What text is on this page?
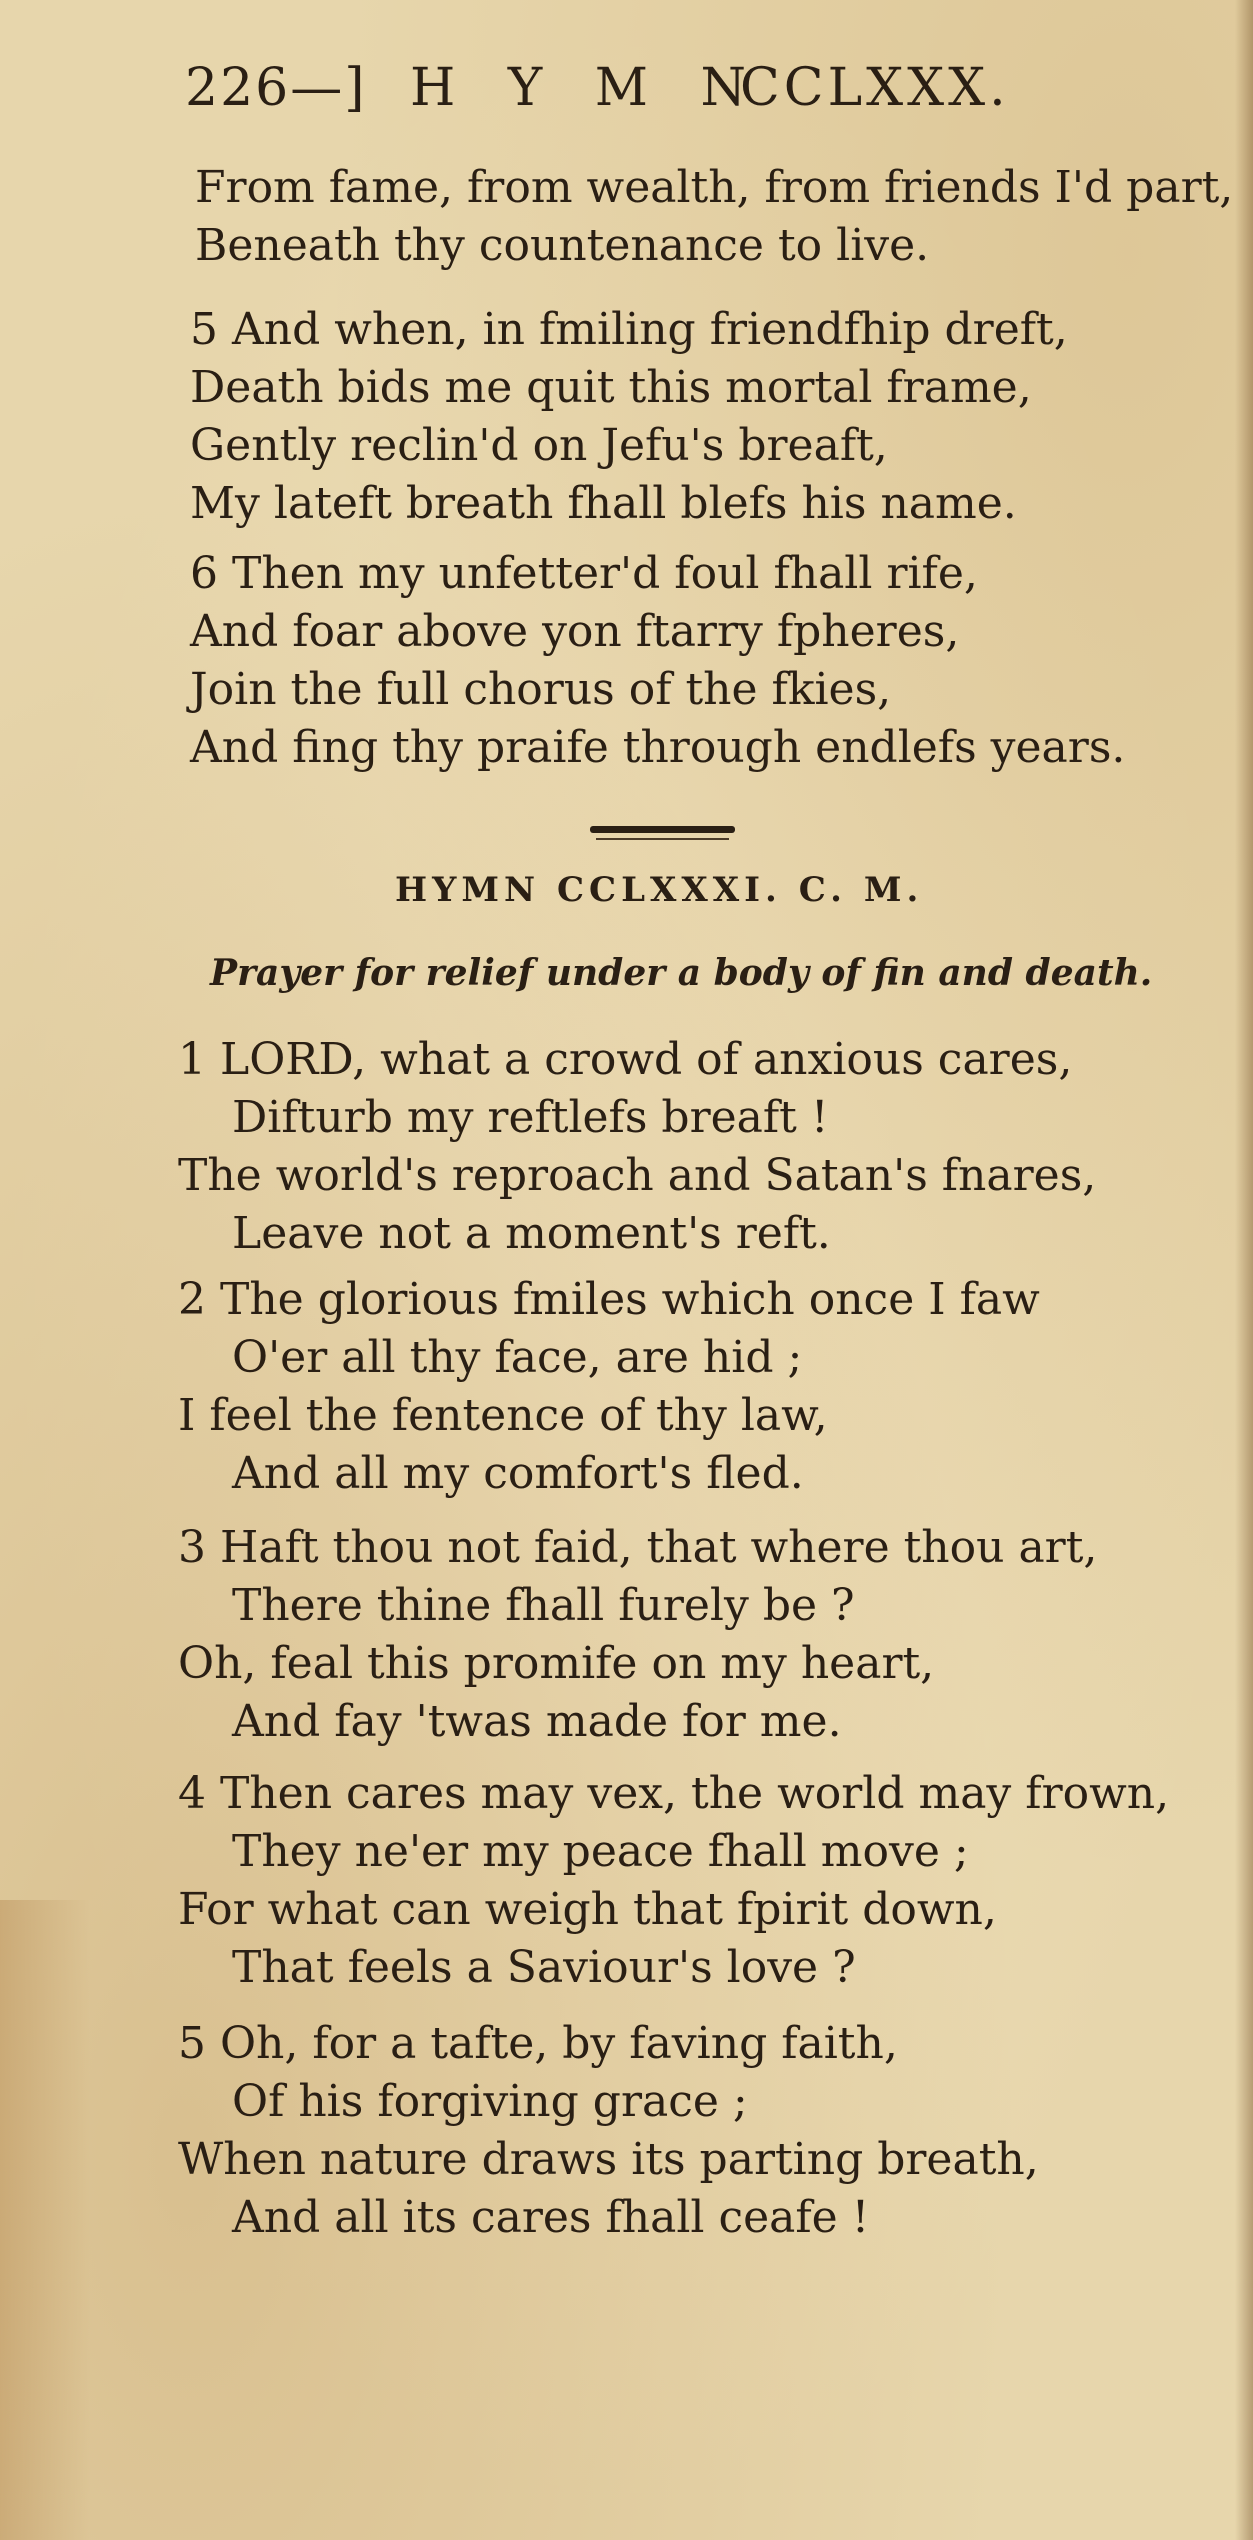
226—] H Y M N
CCLXXX.
From fame, from wealth, from friends I'd part,
Beneath thy countenance to live.
5 And when, in fmiling friendfhip dreft,
Death bids me quit this mortal frame,
Gently reclin'd on Jefu's breaft,
My lateft breath fhall blefs his name.
6 Then my unfetter'd foul fhall rife,
And foar above yon ftarry fpheres,
Join the full chorus of the fkies,
And fing thy praife through endlefs years.
HYMN CCLXXXI. C. M.
Prayer for relief under a body of fin and death.
1 LORD, what a crowd of anxious cares,
Difturb my reftlefs breaft !
The world's reproach and Satan's fnares,
Leave not a moment's reft.
2 The glorious fmiles which once I faw
O'er all thy face, are hid ;
I feel the fentence of thy law,
And all my comfort's fled.
3 Haft thou not faid, that where thou art,
There thine fhall furely be ?
Oh, feal this promife on my heart,
And fay 'twas made for me.
4 Then cares may vex, the world may frown,
They ne'er my peace fhall move ;
For what can weigh that fpirit down,
That feels a Saviour's love ?
5 Oh, for a tafte, by faving faith,
Of his forgiving grace ;
When nature draws its parting breath,
And all its cares fhall ceafe !
